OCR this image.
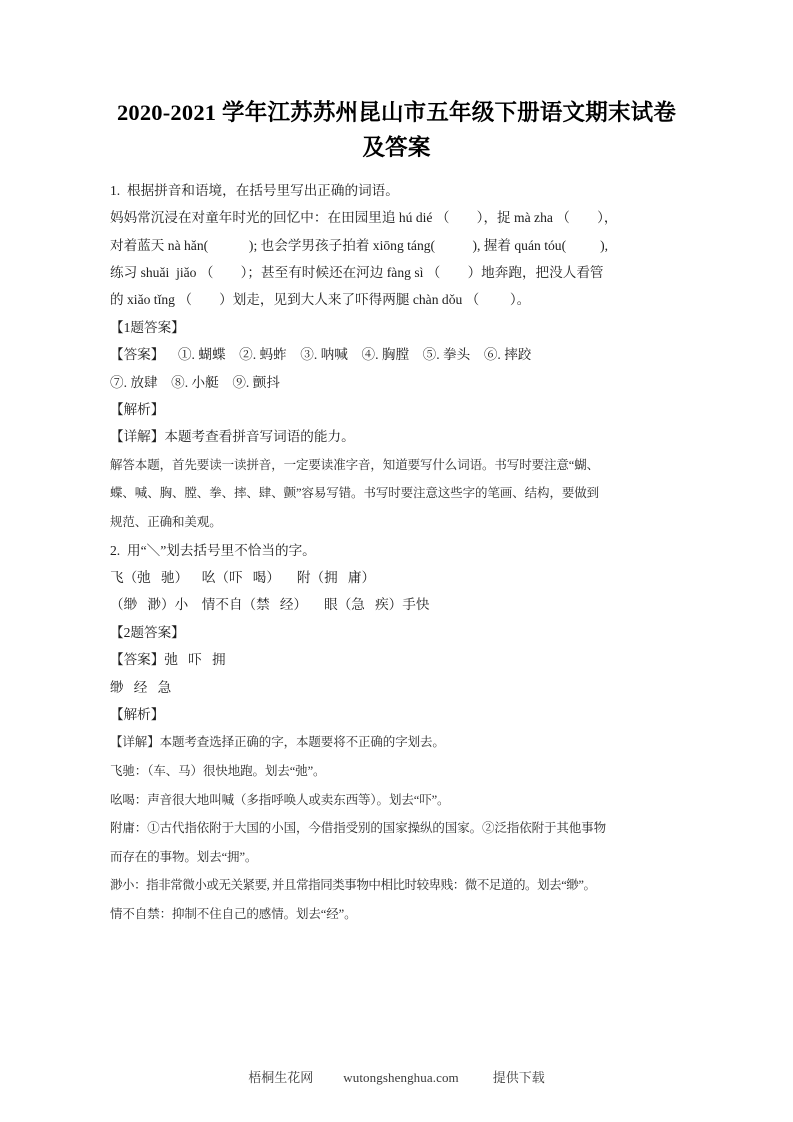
2020-2021 学年江苏苏州昆山市五年级下册语文期末试卷及答案

1.  根据拼音和语境，在括号里写出正确的词语。

妈妈常沉浸在对童年时光的回忆中：在田园里追 hú dié （        ），捉 mà zha （        ），

对着蓝天 nà hǎn(            ); 也会学男孩子拍着 xiōng táng(           ), 握着 quán tóu(          ),

练习 shuǎi  jiǎo （        ）；甚至有时候还在河边 fàng sì （        ）地奔跑，把没人看管

的 xiǎo tǐng （        ）划走，见到大人来了吓得两腿 chàn dǒu （         ）。

【1题答案】

【答案】    ①. 蝴蝶    ②. 蚂蚱    ③. 呐喊    ④. 胸膛    ⑤. 拳头    ⑥. 摔跤

⑦. 放肆    ⑧. 小艇    ⑨. 颤抖

【解析】

【详解】本题考查看拼音写词语的能力。

解答本题，首先要读一读拼音，一定要读准字音，知道要写什么词语。书写时要注意“蝴、

蝶、喊、胸、膛、拳、摔、肆、颤”容易写错。书写时要注意这些字的笔画、结构，要做到

规范、正确和美观。

2.  用“＼”划去括号里不恰当的字。

飞（弛   驰）    吆（吓   喝）     附（拥   庸）

（缈   渺）小    情不自（禁   经）     眼（急   疾）手快

【2题答案】

【答案】弛   吓   拥

缈   经   急

【解析】

【详解】本题考查选择正确的字，本题要将不正确的字划去。

飞驰：（车、马）很快地跑。划去“弛”。

吆喝：声音很大地叫喊（多指呼唤人或卖东西等）。划去“吓”。

附庸：①古代指依附于大国的小国，今借指受别的国家操纵的国家。②泛指依附于其他事物

而存在的事物。划去“拥”。

渺小：指非常微小或无关紧要, 并且常指同类事物中相比时较卑贱：微不足道的。划去“缈”。

情不自禁：抑制不住自己的感情。划去“经”。

梧桐生花网 wutongshenghua.com	提供下载
